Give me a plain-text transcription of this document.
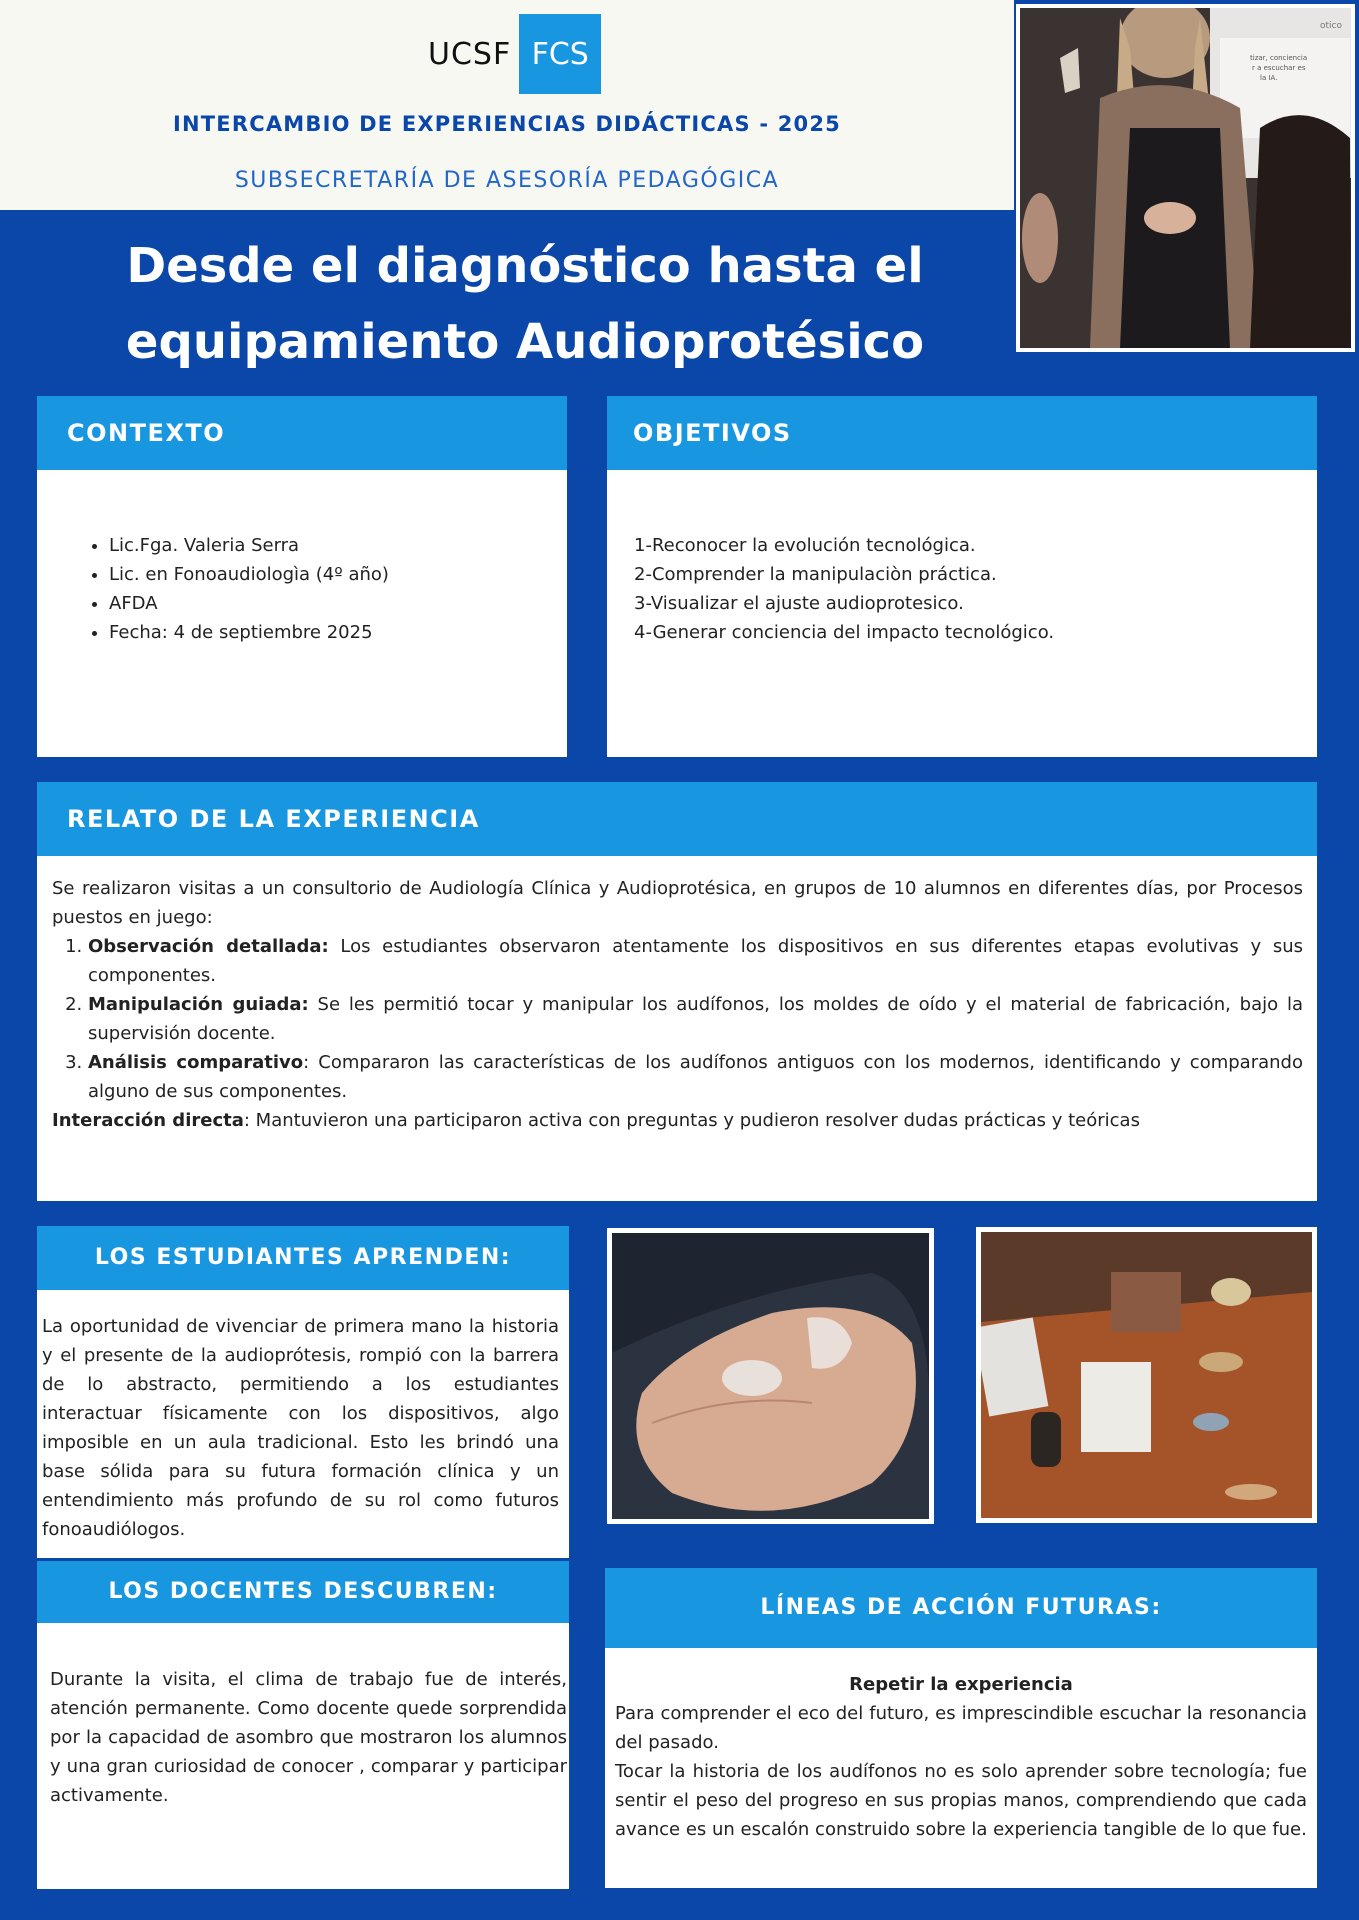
UCSF FCS
INTERCAMBIO DE EXPERIENCIAS DIDÁCTICAS - 2025
SUBSECRETARÍA DE ASESORÍA PEDAGÓGICA
Desde el diagnóstico hasta el
equipamiento Audioprotésico
otico
tizar, conciencia
r a escuchar es
la IA.
CONTEXTO
• Lic.Fga. Valeria Serra
• Lic. en Fonoaudiologìa (4º año)
• AFDA
• Fecha: 4 de septiembre 2025
OBJETIVOS
1-Reconocer la evolución tecnológica.
2-Comprender la manipulaciòn práctica.
3-Visualizar el ajuste audioprotesico.
4-Generar conciencia del impacto tecnológico.
RELATO DE LA EXPERIENCIA

Se realizaron visitas a un consultorio de Audiología Clínica y Audioprotésica, en grupos de 10 alumnos en diferentes días, por Procesos puestos en juego:

1. Observación detallada: Los estudiantes observaron atentamente los dispositivos en sus diferentes etapas evolutivas y sus componentes.
2. Manipulación guiada: Se les permitió tocar y manipular los audífonos, los moldes de oído y el material de fabricación, bajo la supervisión docente.
3. Análisis comparativo: Compararon las características de los audífonos antiguos con los modernos, identificando y comparando alguno de sus componentes.

Interacción directa: Mantuvieron una participaron activa con preguntas y pudieron resolver dudas prácticas y teóricas

LOS ESTUDIANTES APRENDEN:
La oportunidad de vivenciar de primera mano la historia y el presente de la audioprótesis, rompió con la barrera de lo abstracto, permitiendo a los estudiantes interactuar físicamente con los dispositivos, algo imposible en un aula tradicional. Esto les brindó una base sólida para su futura formación clínica y un entendimiento más profundo de su rol como futuros fonoaudiólogos.
LOS DOCENTES DESCUBREN:
Durante la visita, el clima de trabajo fue de interés, atención permanente. Como docente quede sorprendida por la capacidad de asombro que mostraron los alumnos y una gran curiosidad de conocer , comparar y participar activamente.
LÍNEAS DE ACCIÓN FUTURAS:
Repetir la experiencia

Para comprender el eco del futuro, es imprescindible escuchar la resonancia del pasado.

Tocar la historia de los audífonos no es solo aprender sobre tecnología; fue sentir el peso del progreso en sus propias manos, comprendiendo que cada avance es un escalón construido sobre la experiencia tangible de lo que fue.
